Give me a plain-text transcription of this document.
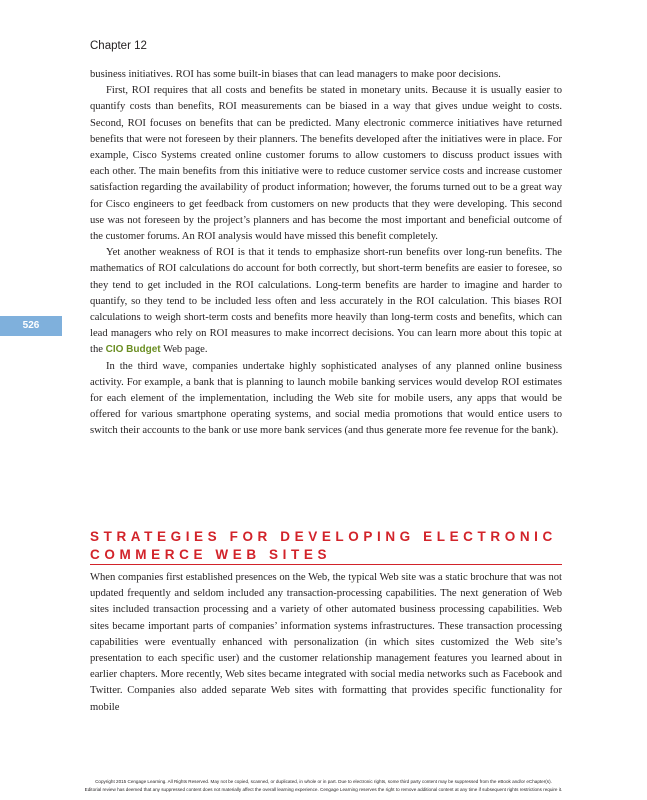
Chapter 12
526

business initiatives. ROI has some built-in biases that can lead managers to make poor decisions.

First, ROI requires that all costs and benefits be stated in monetary units. Because it is usually easier to quantify costs than benefits, ROI measurements can be biased in a way that gives undue weight to costs. Second, ROI focuses on benefits that can be predicted. Many electronic commerce initiatives have returned benefits that were not foreseen by their planners. The benefits developed after the initiatives were in place. For example, Cisco Systems created online customer forums to allow customers to discuss product issues with each other. The main benefits from this initiative were to reduce customer service costs and increase customer satisfaction regarding the availability of product information; however, the forums turned out to be a great way for Cisco engineers to get feedback from customers on new products that they were developing. This second use was not foreseen by the project’s planners and has become the most important and beneficial outcome of the customer forums. An ROI analysis would have missed this benefit completely.

Yet another weakness of ROI is that it tends to emphasize short-run benefits over long-run benefits. The mathematics of ROI calculations do account for both correctly, but short-term benefits are easier to foresee, so they tend to get included in the ROI calculations. Long-term benefits are harder to imagine and harder to quantify, so they tend to be included less often and less accurately in the ROI calculation. This biases ROI calculations to weigh short-term costs and benefits more heavily than long-term costs and benefits, which can lead managers who rely on ROI measures to make incorrect decisions. You can learn more about this topic at the CIO Budget Web page.

In the third wave, companies undertake highly sophisticated analyses of any planned online business activity. For example, a bank that is planning to launch mobile banking services would develop ROI estimates for each element of the implementation, including the Web site for mobile users, any apps that would be offered for various smartphone operating systems, and social media promotions that would entice users to switch their accounts to the bank or use more bank services (and thus generate more fee revenue for the bank).

STRATEGIES FOR DEVELOPING ELECTRONIC
COMMERCE WEB SITES

When companies first established presences on the Web, the typical Web site was a static brochure that was not updated frequently and seldom included any transaction-processing capabilities. The next generation of Web sites included transaction processing and a variety of other automated business processing capabilities. Web sites became important parts of companies’ information systems infrastructures. These transaction processing capabilities were eventually enhanced with personalization (in which sites customized the Web site’s presentation to each specific user) and the customer relationship management features you learned about in earlier chapters. More recently, Web sites became integrated with social media networks such as Facebook and Twitter. Companies also added separate Web sites with formatting that provides specific functionality for mobile

Copyright 2015 Cengage Learning. All Rights Reserved. May not be copied, scanned, or duplicated, in whole or in part. Due to electronic rights, some third party content may be suppressed from the eBook and/or eChapter(s).
Editorial review has deemed that any suppressed content does not materially affect the overall learning experience. Cengage Learning reserves the right to remove additional content at any time if subsequent rights restrictions require it.
